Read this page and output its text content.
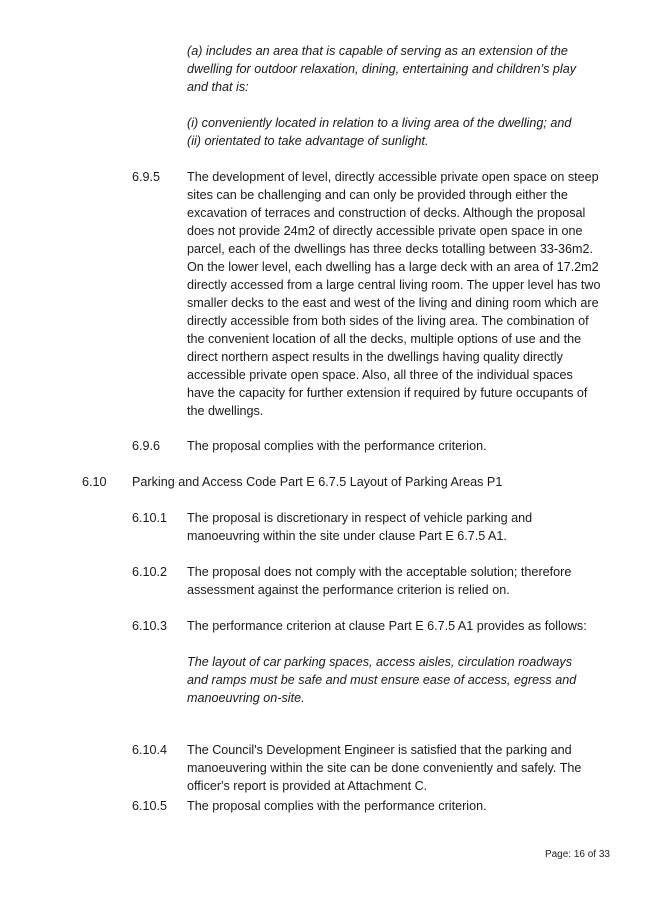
(a) includes an area that is capable of serving as an extension of the
dwelling for outdoor relaxation, dining, entertaining and children’s play
and that is:
(i) conveniently located in relation to a living area of the dwelling; and
(ii) orientated to take advantage of sunlight.
6.9.5 The development of level, directly accessible private open space on steep
sites can be challenging and can only be provided through either the
excavation of terraces and construction of decks. Although the proposal
does not provide 24m2 of directly accessible private open space in one
parcel, each of the dwellings has three decks totalling between 33-36m2.
On the lower level, each dwelling has a large deck with an area of 17.2m2
directly accessed from a large central living room. The upper level has two
smaller decks to the east and west of the living and dining room which are
directly accessible from both sides of the living area. The combination of
the convenient location of all the decks, multiple options of use and the
direct northern aspect results in the dwellings having quality directly
accessible private open space. Also, all three of the individual spaces
have the capacity for further extension if required by future occupants of
the dwellings.
6.9.6 The proposal complies with the performance criterion.
6.10 Parking and Access Code Part E 6.7.5 Layout of Parking Areas P1
6.10.1 The proposal is discretionary in respect of vehicle parking and
manoeuvring within the site under clause Part E 6.7.5 A1.
6.10.2 The proposal does not comply with the acceptable solution; therefore
assessment against the performance criterion is relied on.
6.10.3 The performance criterion at clause Part E 6.7.5 A1 provides as follows:
The layout of car parking spaces, access aisles, circulation roadways
and ramps must be safe and must ensure ease of access, egress and
manoeuvring on-site.
6.10.4 The Council's Development Engineer is satisfied that the parking and
manoeuvering within the site can be done conveniently and safely. The
officer's report is provided at Attachment C.
6.10.5 The proposal complies with the performance criterion.
Page: 16 of 33
